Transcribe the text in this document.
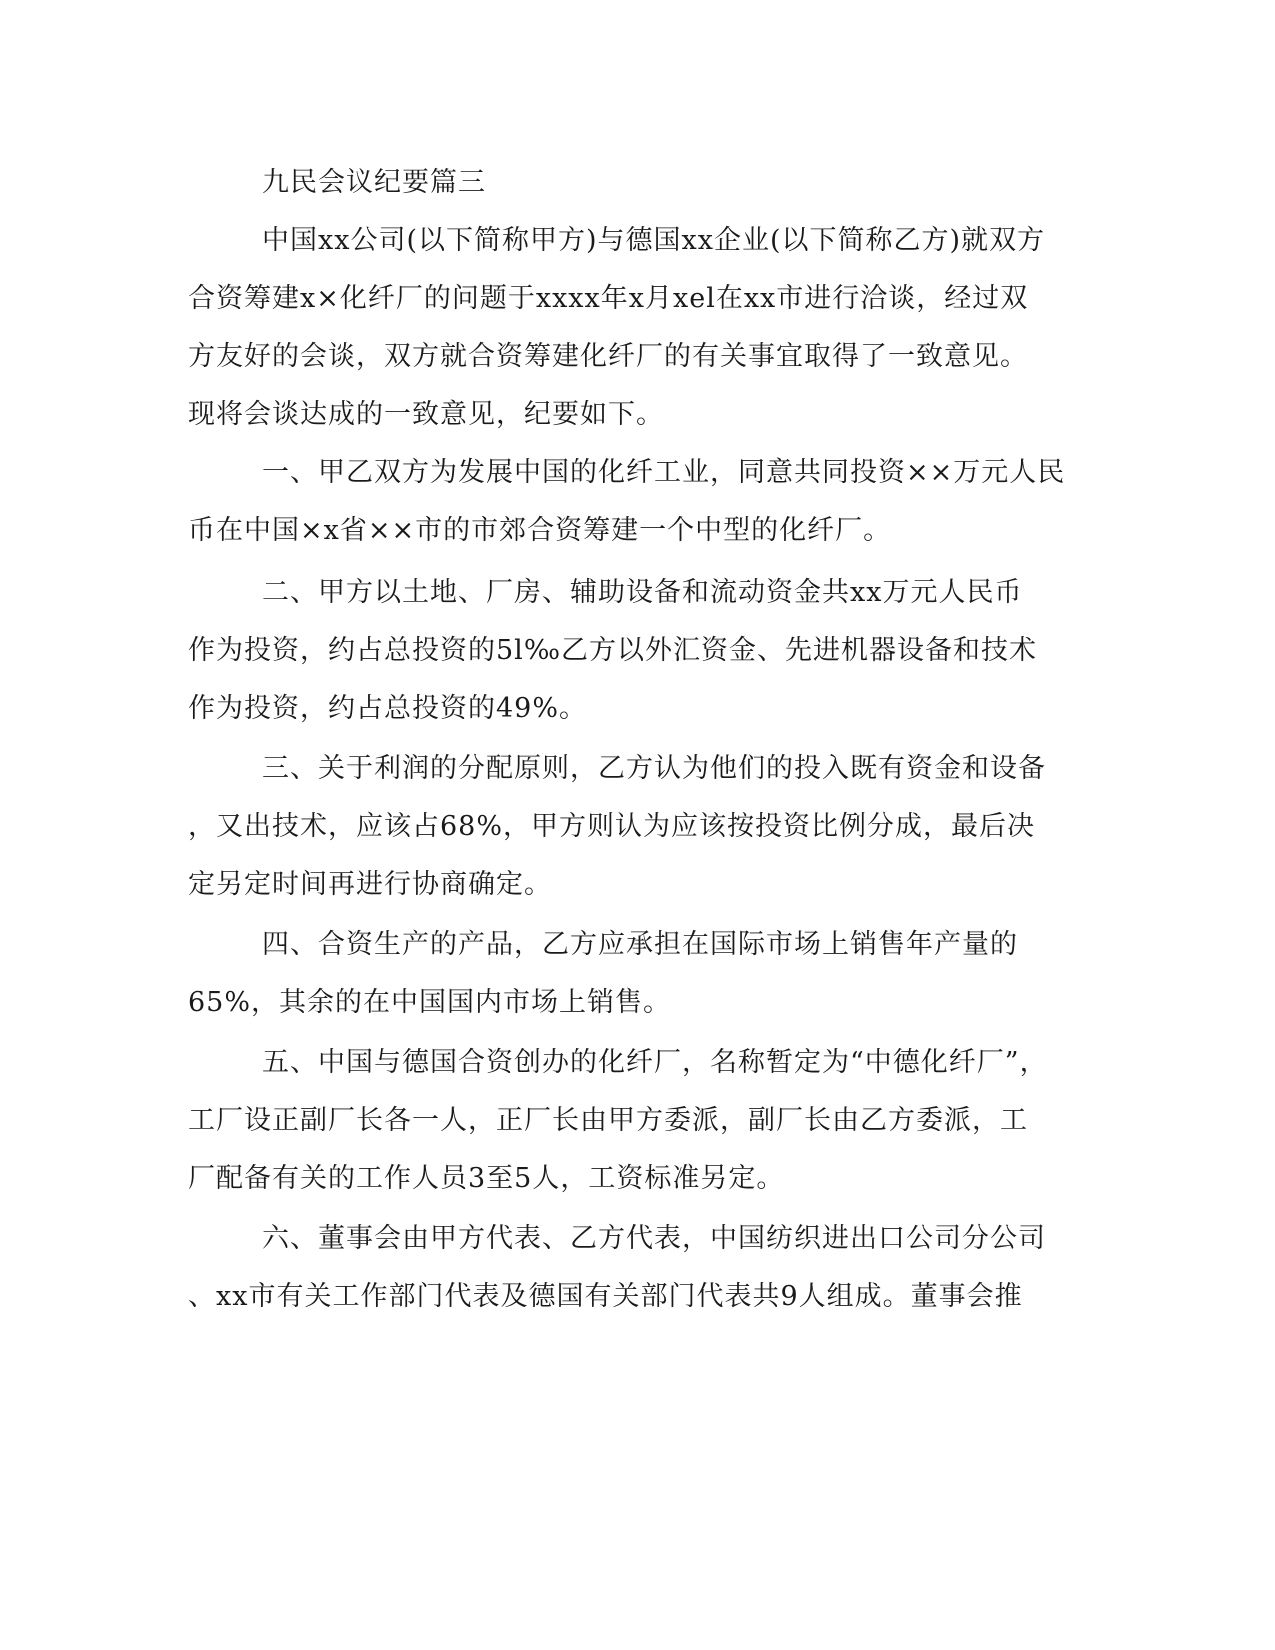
九民会议纪要篇三
中国xx公司(以下简称甲方)与德国xx企业(以下简称乙方)就双方
合资筹建x×化纤厂的问题于xxxx年x月xel在xx市进行洽谈，经过双
方友好的会谈，双方就合资筹建化纤厂的有关事宜取得了一致意见。
现将会谈达成的一致意见，纪要如下。
一、甲乙双方为发展中国的化纤工业，同意共同投资××万元人民
币在中国×x省××市的市郊合资筹建一个中型的化纤厂。
二、甲方以土地、厂房、辅助设备和流动资金共xx万元人民币
作为投资，约占总投资的5l‰乙方以外汇资金、先进机器设备和技术
作为投资，约占总投资的49%。
三、关于利润的分配原则，乙方认为他们的投入既有资金和设备
，又出技术，应该占68%，甲方则认为应该按投资比例分成，最后决
定另定时间再进行协商确定。
四、合资生产的产品，乙方应承担在国际市场上销售年产量的
65%，其余的在中国国内市场上销售。
五、中国与德国合资创办的化纤厂，名称暂定为“中德化纤厂”，
工厂设正副厂长各一人，正厂长由甲方委派，副厂长由乙方委派，工
厂配备有关的工作人员3至5人，工资标准另定。
六、董事会由甲方代表、乙方代表，中国纺织进出口公司分公司
、xx市有关工作部门代表及德国有关部门代表共9人组成。董事会推
